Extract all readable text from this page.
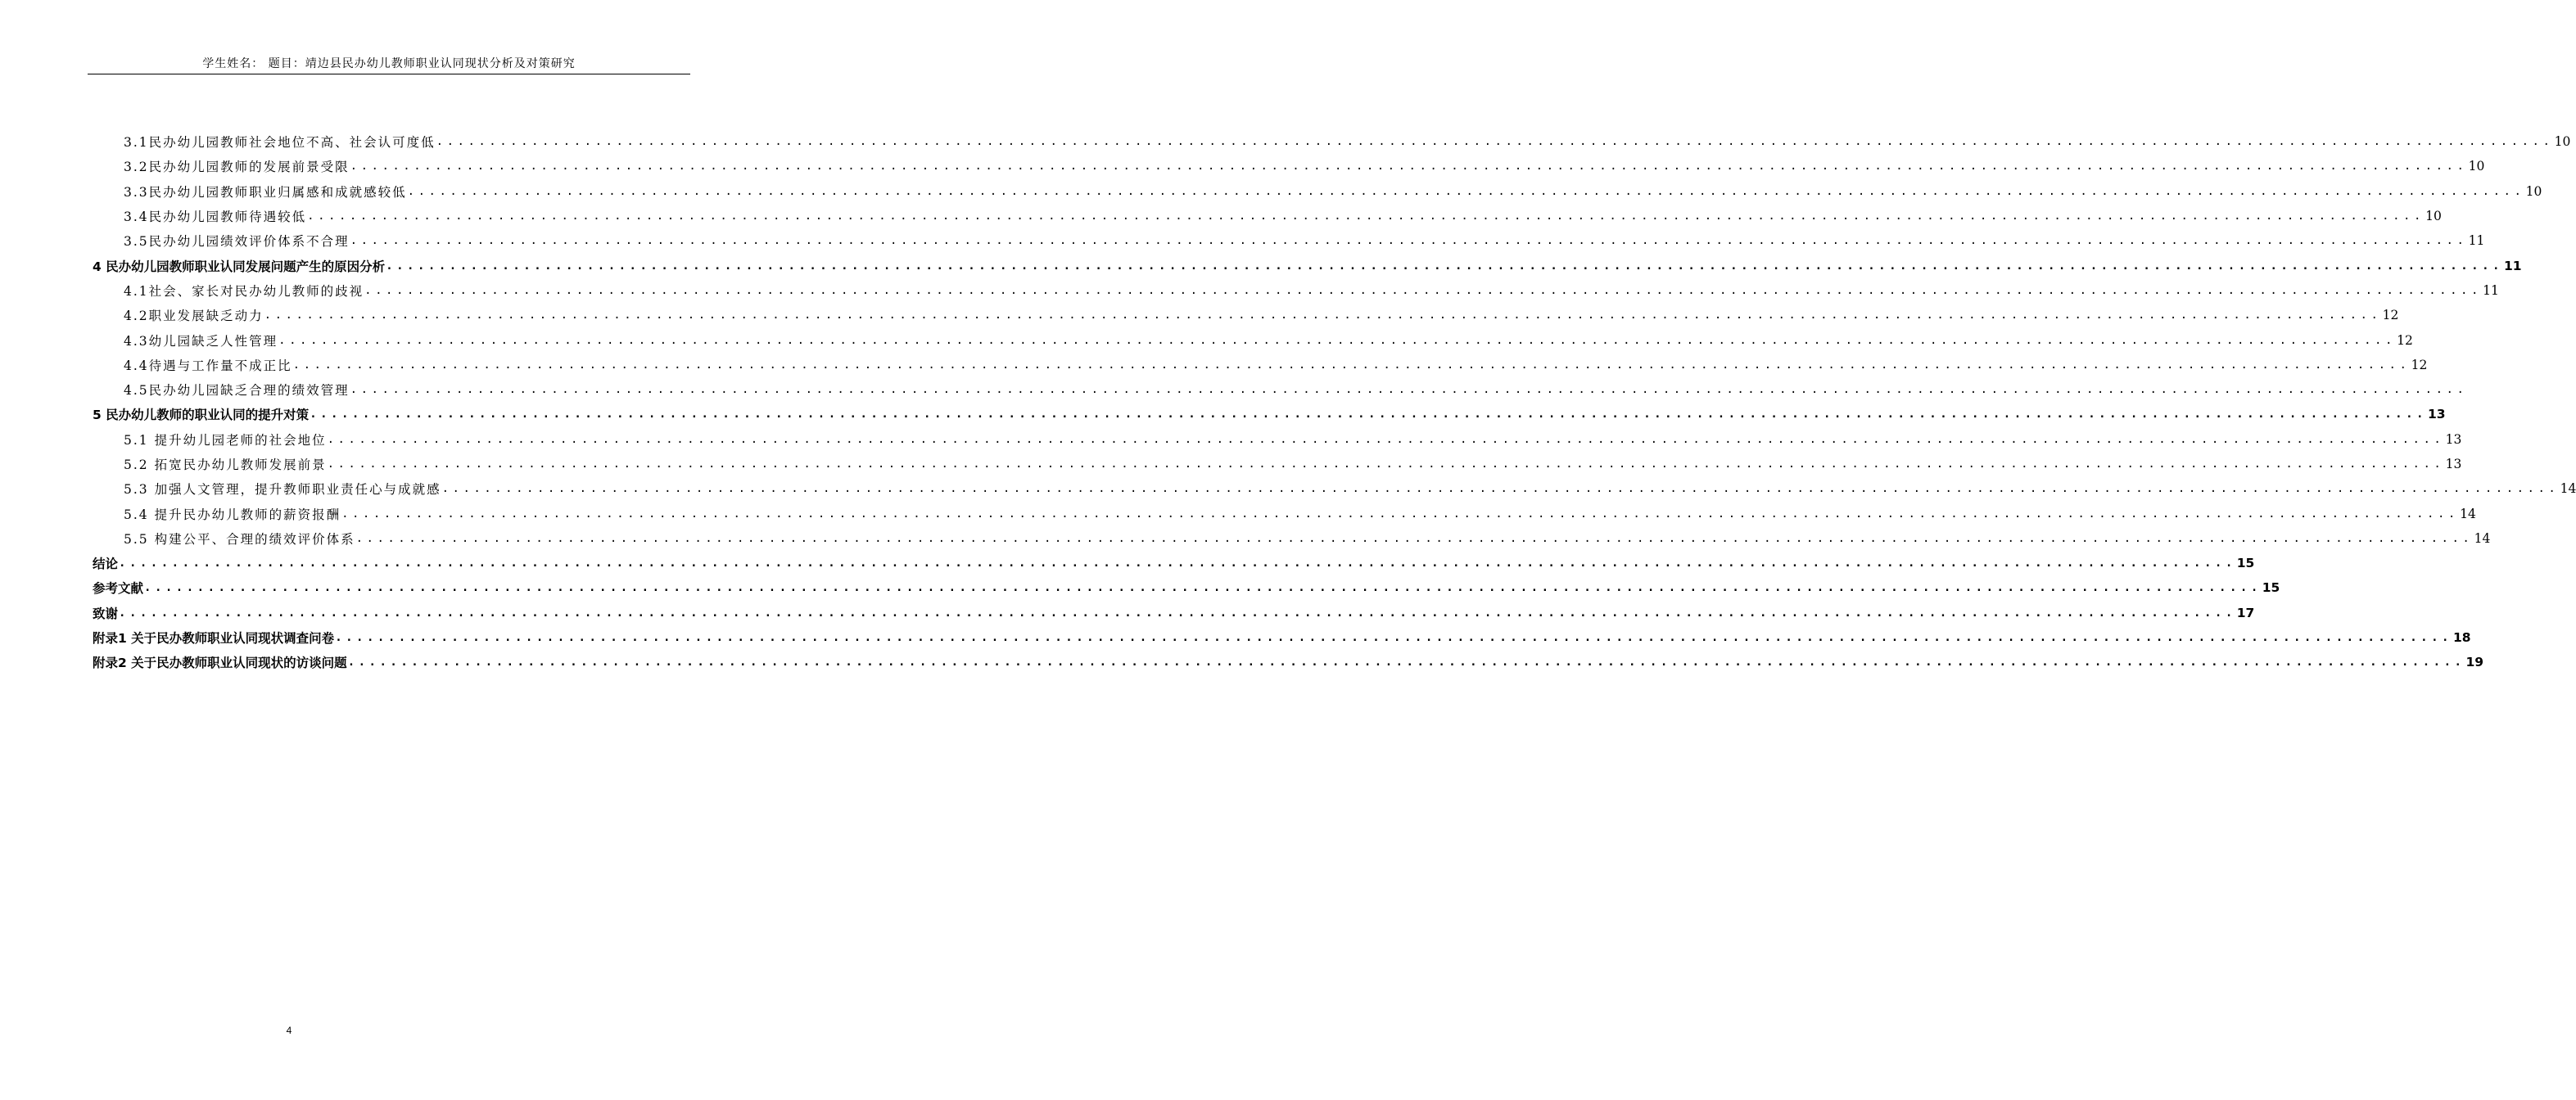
学生姓名： 题目：靖边县民办幼儿教师职业认同现状分析及对策研究
3.1民办幼儿园教师社会地位不高、社会认可度低 ........................................................................................................................................................................................................ 10
3.2民办幼儿园教师的发展前景受限 ........................................................................................................................................................................................................ 10
3.3民办幼儿园教师职业归属感和成就感较低 ........................................................................................................................................................................................................ 10
3.4民办幼儿园教师待遇较低 ........................................................................................................................................................................................................ 10
3.5民办幼儿园绩效评价体系不合理 ........................................................................................................................................................................................................ 11
4 民办幼儿园教师职业认同发展问题产生的原因分析 ........................................................................................................................................................................................................ 11
4.1社会、家长对民办幼儿教师的歧视 ........................................................................................................................................................................................................ 11
4.2职业发展缺乏动力 ........................................................................................................................................................................................................ 12
4.3幼儿园缺乏人性管理 ........................................................................................................................................................................................................ 12
4.4待遇与工作量不成正比 ........................................................................................................................................................................................................ 12
4.5民办幼儿园缺乏合理的绩效管理 ........................................................................................................................................................................................................
5 民办幼儿教师的职业认同的提升对策 ........................................................................................................................................................................................................ 13
5.1 提升幼儿园老师的社会地位 ........................................................................................................................................................................................................ 13
5.2 拓宽民办幼儿教师发展前景 ........................................................................................................................................................................................................ 13
5.3 加强人文管理，提升教师职业责任心与成就感 ........................................................................................................................................................................................................ 14
5.4 提升民办幼儿教师的薪资报酬 ........................................................................................................................................................................................................ 14
5.5 构建公平、合理的绩效评价体系 ........................................................................................................................................................................................................ 14
结论 ........................................................................................................................................................................................................ 15
参考文献 ........................................................................................................................................................................................................ 15
致谢 ........................................................................................................................................................................................................ 17
附录1 关于民办教师职业认同现状调查问卷 ........................................................................................................................................................................................................ 18
附录2 关于民办教师职业认同现状的访谈问题 ........................................................................................................................................................................................................ 19
4
